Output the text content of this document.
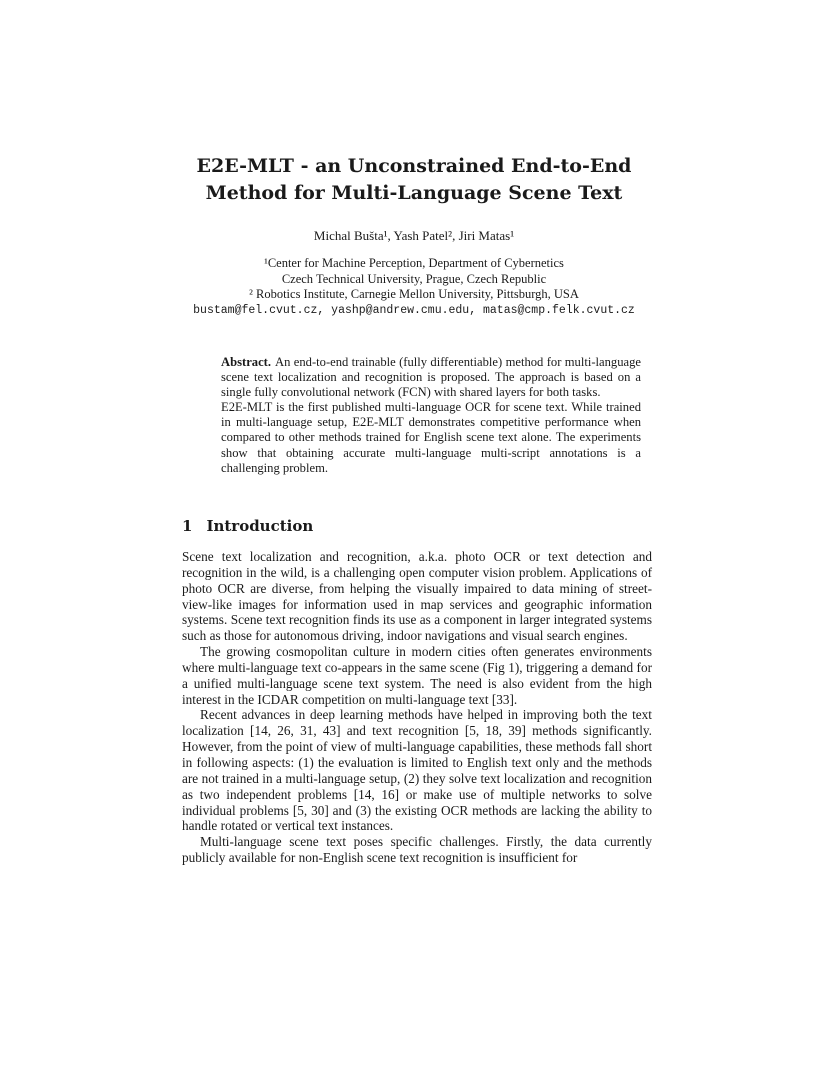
E2E-MLT - an Unconstrained End-to-End
Method for Multi-Language Scene Text
Michal Bušta¹, Yash Patel², Jiri Matas¹
¹Center for Machine Perception, Department of Cybernetics
Czech Technical University, Prague, Czech Republic
² Robotics Institute, Carnegie Mellon University, Pittsburgh, USA
bustam@fel.cvut.cz, yashp@andrew.cmu.edu, matas@cmp.felk.cvut.cz

Abstract. An end-to-end trainable (fully differentiable) method for multi-language scene text localization and recognition is proposed. The approach is based on a single fully convolutional network (FCN) with shared layers for both tasks.

E2E-MLT is the first published multi-language OCR for scene text. While trained in multi-language setup, E2E-MLT demonstrates competitive performance when compared to other methods trained for English scene text alone. The experiments show that obtaining accurate multi-language multi-script annotations is a challenging problem.

1 Introduction

Scene text localization and recognition, a.k.a. photo OCR or text detection and recognition in the wild, is a challenging open computer vision problem. Applications of photo OCR are diverse, from helping the visually impaired to data mining of street-view-like images for information used in map services and geographic information systems. Scene text recognition finds its use as a component in larger integrated systems such as those for autonomous driving, indoor navigations and visual search engines.

The growing cosmopolitan culture in modern cities often generates environments where multi-language text co-appears in the same scene (Fig 1), triggering a demand for a unified multi-language scene text system. The need is also evident from the high interest in the ICDAR competition on multi-language text [33].

Recent advances in deep learning methods have helped in improving both the text localization [14, 26, 31, 43] and text recognition [5, 18, 39] methods significantly. However, from the point of view of multi-language capabilities, these methods fall short in following aspects: (1) the evaluation is limited to English text only and the methods are not trained in a multi-language setup, (2) they solve text localization and recognition as two independent problems [14, 16] or make use of multiple networks to solve individual problems [5, 30] and (3) the existing OCR methods are lacking the ability to handle rotated or vertical text instances.

Multi-language scene text poses specific challenges. Firstly, the data currently publicly available for non-English scene text recognition is insufficient for
